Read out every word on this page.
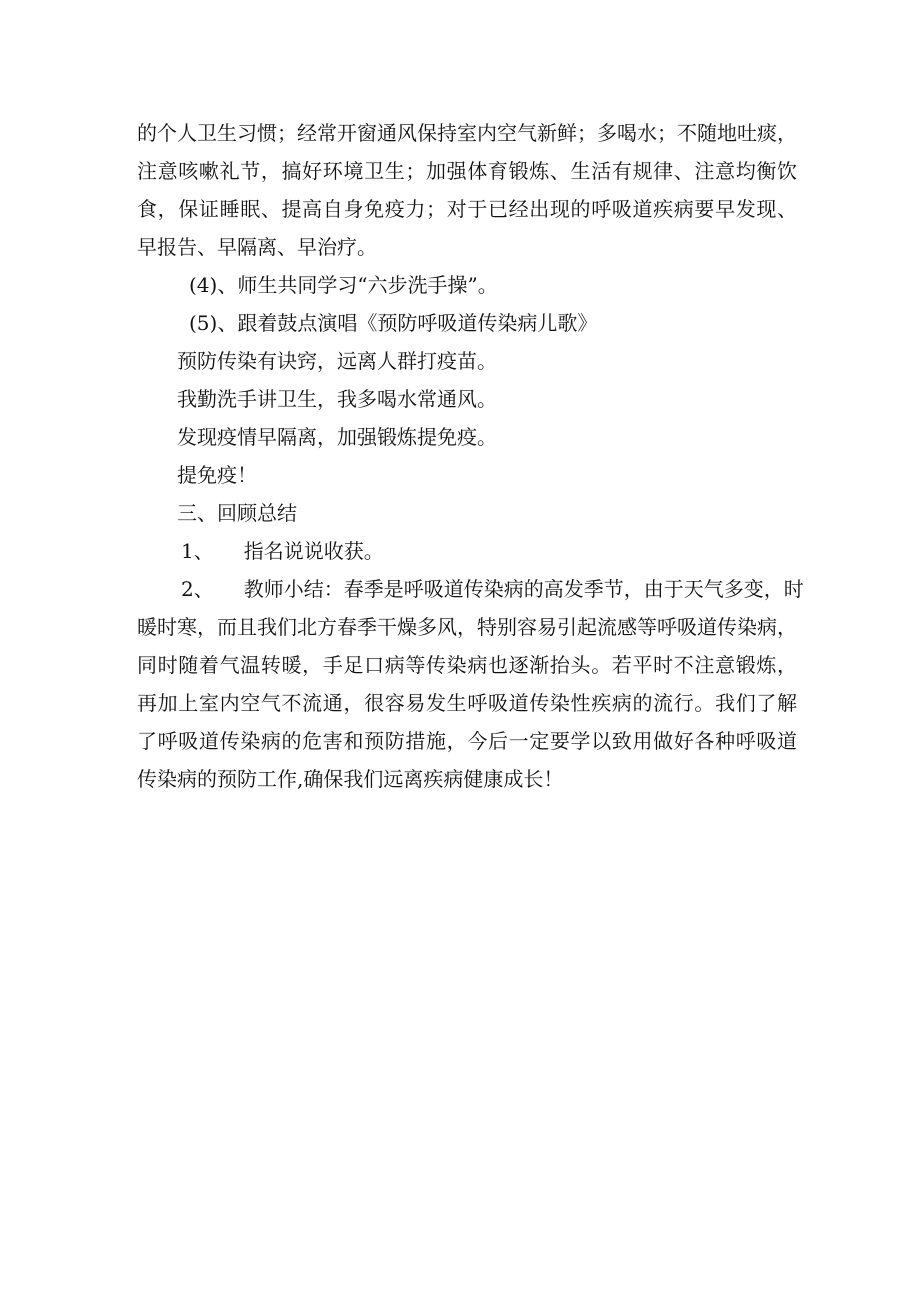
的个人卫生习惯；经常开窗通风保持室内空气新鲜；多喝水；不随地吐痰，
注意咳嗽礼节，搞好环境卫生；加强体育锻炼、生活有规律、注意均衡饮
食，保证睡眠、提高自身免疫力；对于已经出现的呼吸道疾病要早发现、
早报告、早隔离、早治疗。
(4)、师生共同学习“六步洗手操”。
(5)、跟着鼓点演唱《预防呼吸道传染病儿歌》
预防传染有诀窍，远离人群打疫苗。
我勤洗手讲卫生，我多喝水常通风。
发现疫情早隔离，加强锻炼提免疫。
提免疫！
三、回顾总结
1、 指名说说收获。
2、 教师小结：春季是呼吸道传染病的高发季节，由于天气多变，时
暖时寒，而且我们北方春季干燥多风，特别容易引起流感等呼吸道传染病，
同时随着气温转暖，手足口病等传染病也逐渐抬头。若平时不注意锻炼，
再加上室内空气不流通，很容易发生呼吸道传染性疾病的流行。我们了解
了呼吸道传染病的危害和预防措施，今后一定要学以致用做好各种呼吸道
传染病的预防工作,确保我们远离疾病健康成长！
